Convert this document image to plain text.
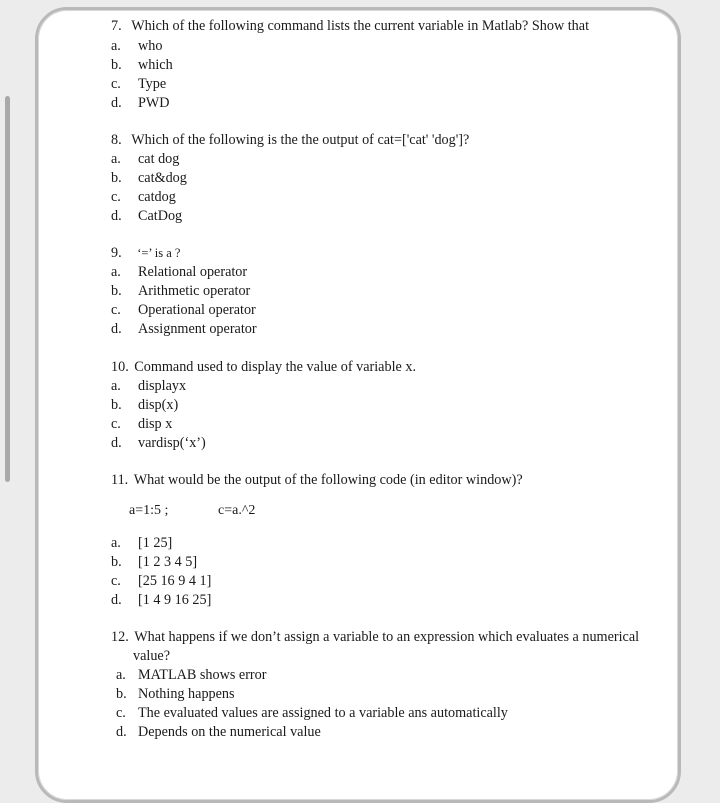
7. Which of the following command lists the current variable in Matlab? Show that
a. who
b. which
c. Type
d. PWD
8. Which of the following is the the output of cat=['cat' 'dog']?
a. cat dog
b. cat&dog
c. catdog
d. CatDog
9. ‘=’ is a ?
a. Relational operator
b. Arithmetic operator
c. Operational operator
d. Assignment operator
10. Command used to display the value of variable x.
a. displayx
b. disp(x)
c. disp x
d. vardisp(‘x’)
11. What would be the output of the following code (in editor window)?
a=1:5 ;	c=a.^2
a. [1 25]
b. [1 2 3 4 5]
c. [25 16 9 4 1]
d. [1 4 9 16 25]
12. What happens if we don’t assign a variable to an expression which evaluates a numerical
value?
a. MATLAB shows error
b. Nothing happens
c. The evaluated values are assigned to a variable ans automatically
d. Depends on the numerical value
